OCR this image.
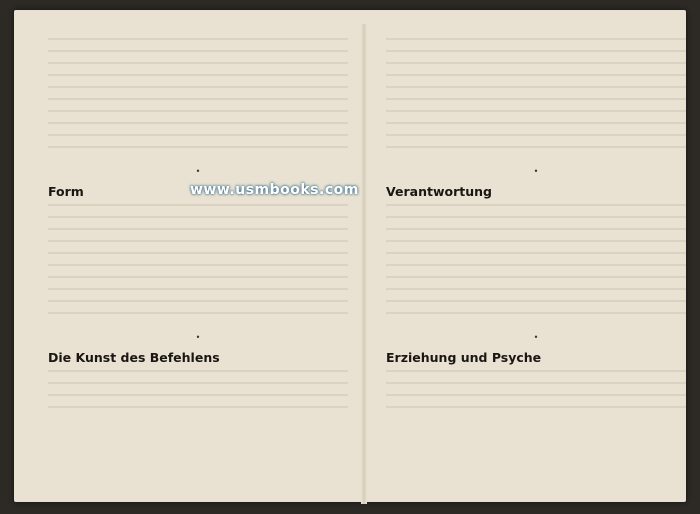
•
Form
•
Die Kunst des Befehlens
•
Verantwortung
•
Erziehung und Psyche
www.usmbooks.com
